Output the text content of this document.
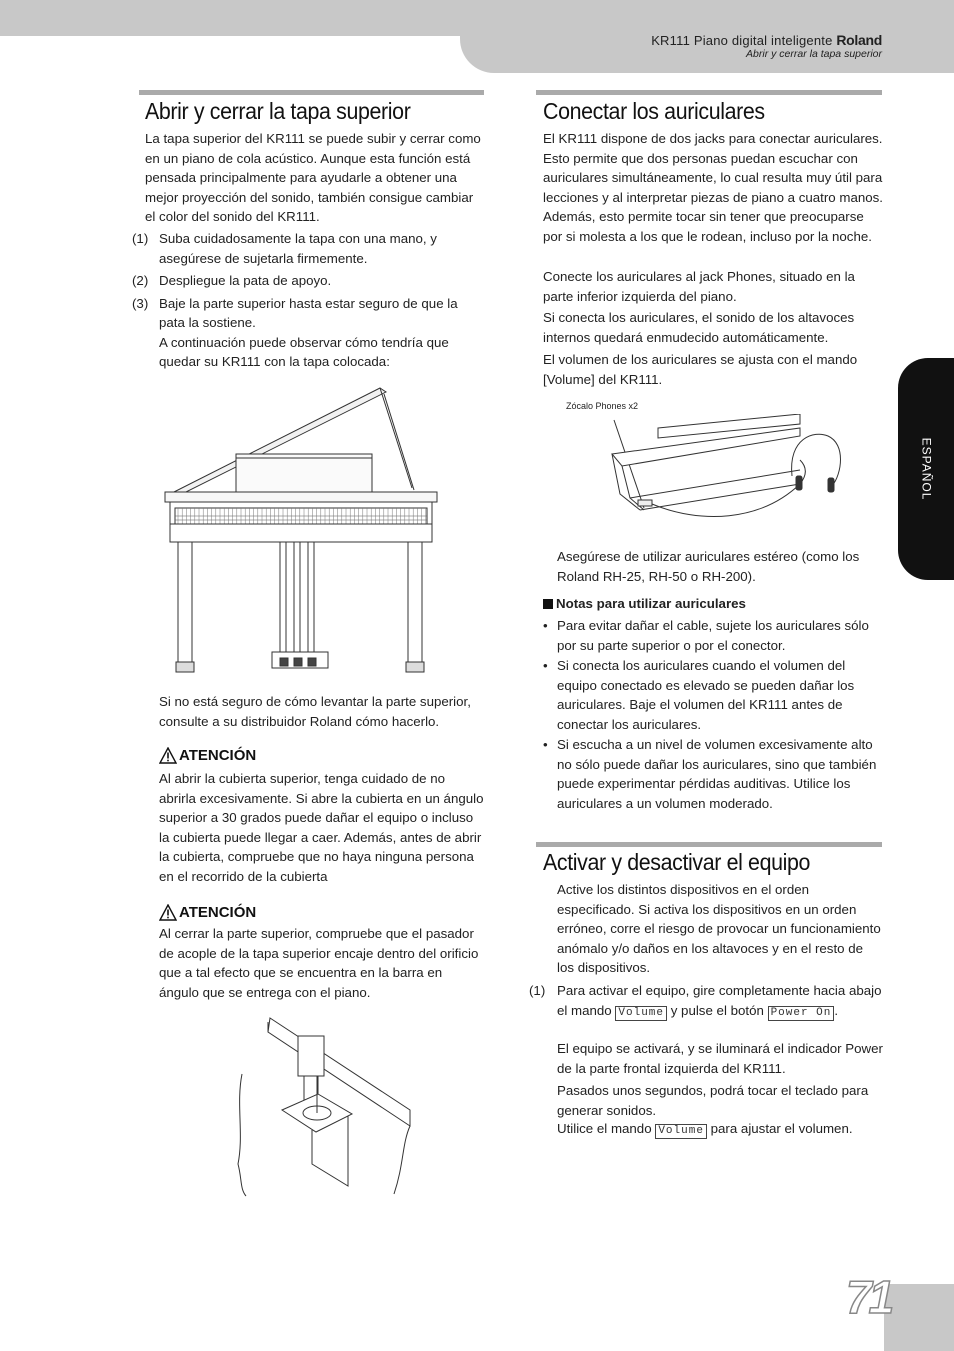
KR111 Piano digital inteligente Roland
Abrir y cerrar la tapa superior
ESPAÑOL
Abrir y cerrar la tapa superior
La tapa superior del KR111 se puede subir y cerrar como en un piano de cola acústico. Aunque esta función está pensada principalmente para ayudarle a obtener una mejor proyección del sonido, también consigue cambiar el color del sonido del KR111.
(1) Suba cuidadosamente la tapa con una mano, y asegúrese de sujetarla firmemente.
(2) Despliegue la pata de apoyo.
(3) Baje la parte superior hasta estar seguro de que la pata la sostiene.
A continuación puede observar cómo tendría que quedar su KR111 con la tapa colocada:
Si no está seguro de cómo levantar la parte superior, consulte a su distribuidor Roland cómo hacerlo.
ATENCIÓN
Al abrir la cubierta superior, tenga cuidado de no abrirla excesivamente. Si abre la cubierta en un ángulo superior a 30 grados puede dañar el equipo o incluso la cubierta puede llegar a caer. Además, antes de abrir la cubierta, compruebe que no haya ninguna persona en el recorrido de la cubierta
ATENCIÓN
Al cerrar la parte superior, compruebe que el pasador de acople de la tapa superior encaje dentro del orificio que a tal efecto que se encuentra en la barra en ángulo que se entrega con el piano.
Conectar los auriculares
El KR111 dispone de dos jacks para conectar auriculares. Esto permite que dos personas puedan escuchar con auriculares simultáneamente, lo cual resulta muy útil para lecciones y al interpretar piezas de piano a cuatro manos. Además, esto permite tocar sin tener que preocuparse por si molesta a los que le rodean, incluso por la noche.
Conecte los auriculares al jack Phones, situado en la parte inferior izquierda del piano.
Si conecta los auriculares, el sonido de los altavoces internos quedará enmudecido automáticamente.
El volumen de los auriculares se ajusta con el mando [Volume] del KR111.
Zócalo Phones x2
Asegúrese de utilizar auriculares estéreo (como los Roland RH-25, RH-50 o RH-200).
Notas para utilizar auriculares
• Para evitar dañar el cable, sujete los auriculares sólo por su parte superior o por el conector.
• Si conecta los auriculares cuando el volumen del equipo conectado es elevado se pueden dañar los auriculares. Baje el volumen del KR111 antes de conectar los auriculares.
• Si escucha a un nivel de volumen excesivamente alto no sólo puede dañar los auriculares, sino que también puede experimentar pérdidas auditivas. Utilice los auriculares a un volumen moderado.
Activar y desactivar el equipo
Active los distintos dispositivos en el orden especificado. Si activa los dispositivos en un orden erróneo, corre el riesgo de provocar un funcionamiento anómalo y/o daños en los altavoces y en el resto de los dispositivos.
(1) Para activar el equipo, gire completamente hacia abajo el mando Volume y pulse el botón Power On .
El equipo se activará, y se iluminará el indicador Power de la parte frontal izquierda del KR111.
Pasados unos segundos, podrá tocar el teclado para generar sonidos.
Utilice el mando Volume para ajustar el volumen.
71
